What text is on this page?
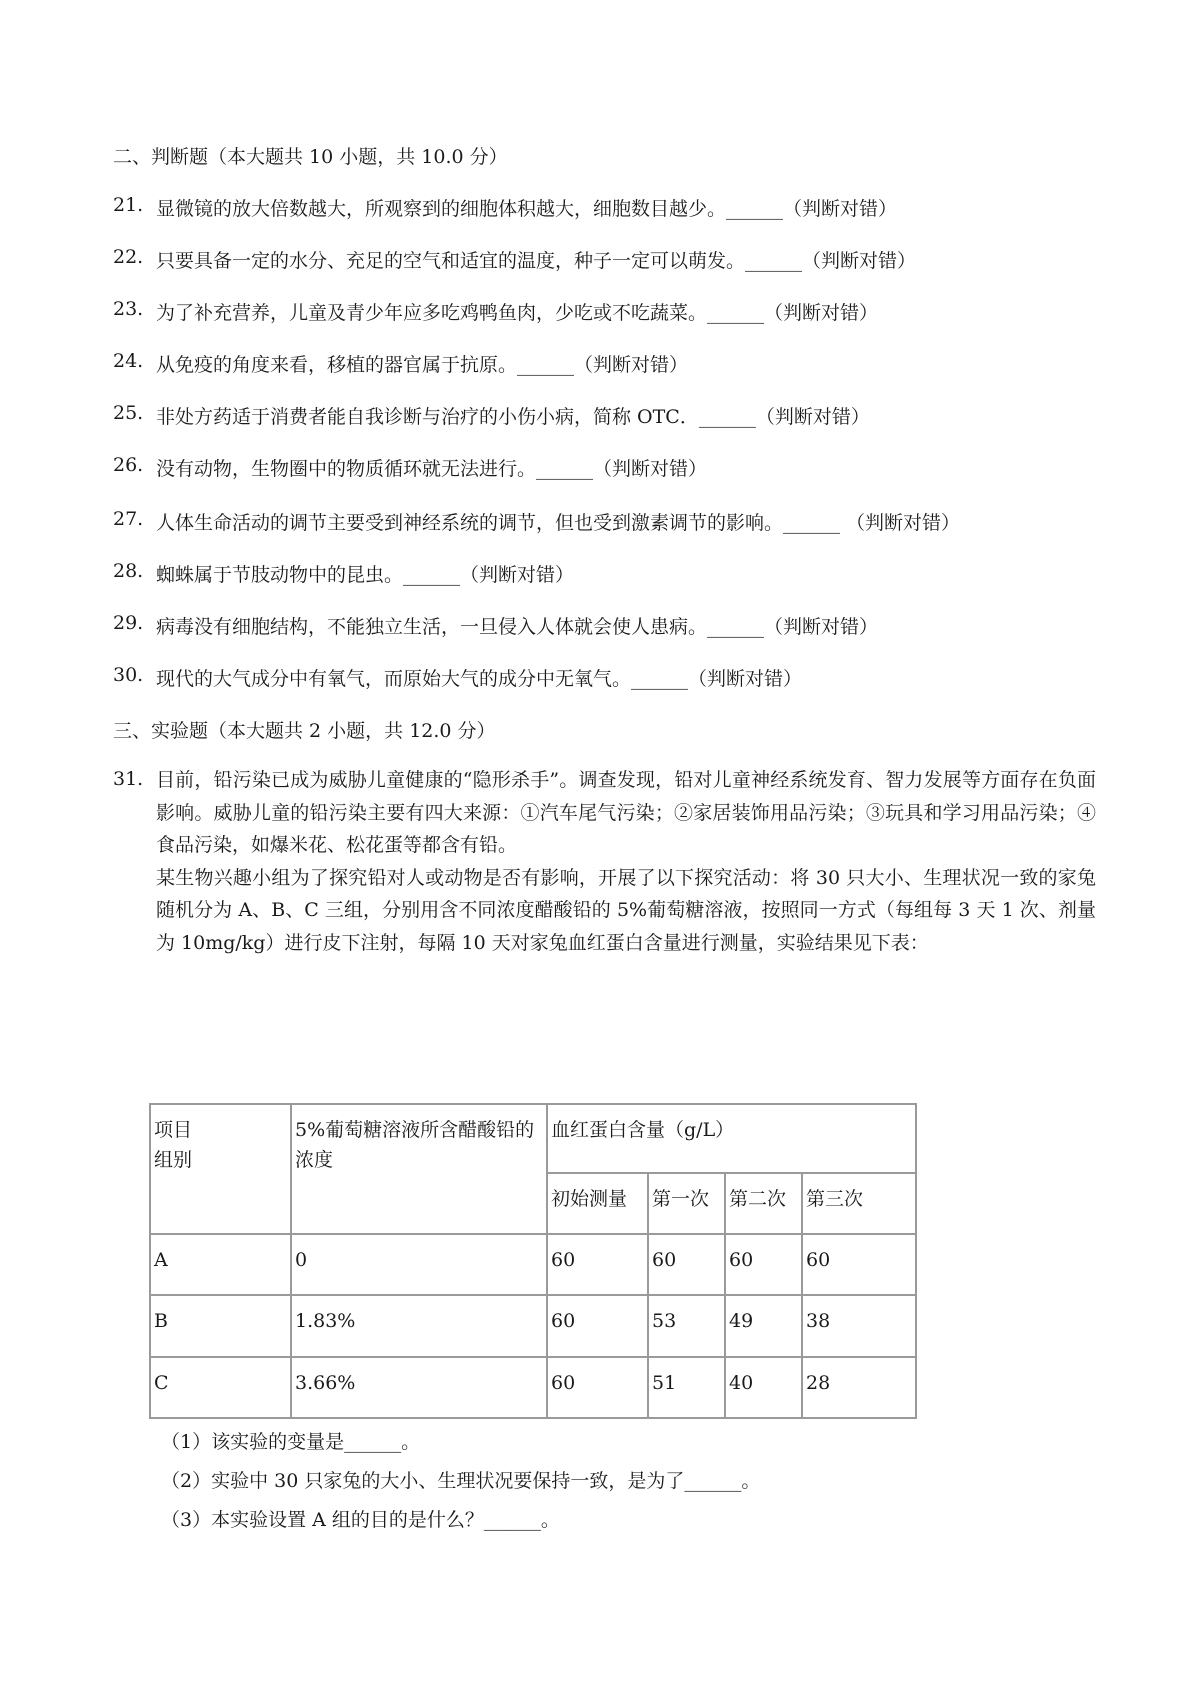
二、判断题（本大题共 10 小题，共 10.0 分）
21. 显微镜的放大倍数越大，所观察到的细胞体积越大，细胞数目越少。______（判断对错）
22. 只要具备一定的水分、充足的空气和适宜的温度，种子一定可以萌发。______（判断对错）
23. 为了补充营养，儿童及青少年应多吃鸡鸭鱼肉，少吃或不吃蔬菜。______（判断对错）
24. 从免疫的角度来看，移植的器官属于抗原。______（判断对错）
25. 非处方药适于消费者能自我诊断与治疗的小伤小病，简称 OTC．______（判断对错）
26. 没有动物，生物圈中的物质循环就无法进行。______（判断对错）
27. 人体生命活动的调节主要受到神经系统的调节，但也受到激素调节的影响。______ （判断对错）
28. 蜘蛛属于节肢动物中的昆虫。______（判断对错）
29. 病毒没有细胞结构，不能独立生活，一旦侵入人体就会使人患病。______（判断对错）
30. 现代的大气成分中有氧气，而原始大气的成分中无氧气。______（判断对错）
三、实验题（本大题共 2 小题，共 12.0 分）
31. 目前，铅污染已成为威胁儿童健康的“隐形杀手”。调查发现，铅对儿童神经系统发育、智力发展等方面存在负面影响。威胁儿童的铅污染主要有四大来源：①汽车尾气污染；②家居装饰用品污染；③玩具和学习用品污染；④食品污染，如爆米花、松花蛋等都含有铅。

某生物兴趣小组为了探究铅对人或动物是否有影响，开展了以下探究活动：将 30 只大小、生理状况一致的家兔随机分为 A、B、C 三组，分别用含不同浓度醋酸铅的 5%葡萄糖溶液，按照同一方式（每组每 3 天 1 次、剂量为 10mg/kg）进行皮下注射，每隔 10 天对家兔血红蛋白含量进行测量，实验结果见下表：

项目
组别	5%葡萄糖溶液所含醋酸铅的浓度	血红蛋白含量（g/L）			
		初始测量	第一次	第二次	第三次
A	0	60	60	60	60
B	1.83%	60	53	49	38
C	3.66%	60	51	40	28
（1）该实验的变量是______。
（2）实验中 30 只家兔的大小、生理状况要保持一致，是为了______。
（3）本实验设置 A 组的目的是什么？______。
